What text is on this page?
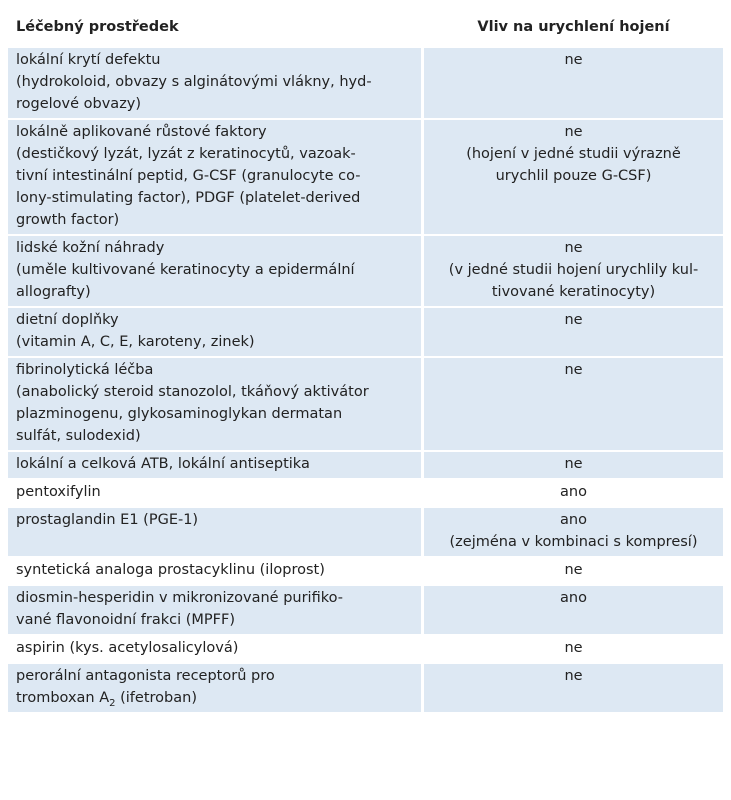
Léčebný prostředek	Vliv na urychlení hojení

lokální krytí defektu
(hydrokoloid, obvazy s alginátovými vlákny, hyd-
rogelové obvazy)	ne

lokálně aplikované růstové faktory
(destičkový lyzát, lyzát z keratinocytů, vazoak-
tivní intestinální peptid, G-CSF (granulocyte co-
lony-stimulating factor), PDGF (platelet-derived
growth factor)	ne
(hojení v jedné studii výrazně
urychlil pouze G-CSF)

lidské kožní náhrady
(uměle kultivované keratinocyty a epidermální
allografty)	ne
(v jedné studii hojení urychlily kul-
tivované keratinocyty)

dietní doplňky
(vitamin A, C, E, karoteny, zinek)	ne

fibrinolytická léčba
(anabolický steroid stanozolol, tkáňový aktivátor
plazminogenu, glykosaminoglykan dermatan
sulfát, sulodexid)	ne

lokální a celková ATB, lokální antiseptika	ne

pentoxifylin	ano

prostaglandin E1 (PGE-1)	ano
(zejména v kombinaci s kompresí)

syntetická analoga prostacyklinu (iloprost)	ne

diosmin-hesperidin v mikronizované purifiko-
vané flavonoidní frakci (MPFF)	ano

aspirin (kys. acetylosalicylová)	ne

perorální antagonista receptorů pro
tromboxan $A_2$ (ifetroban)	ne
